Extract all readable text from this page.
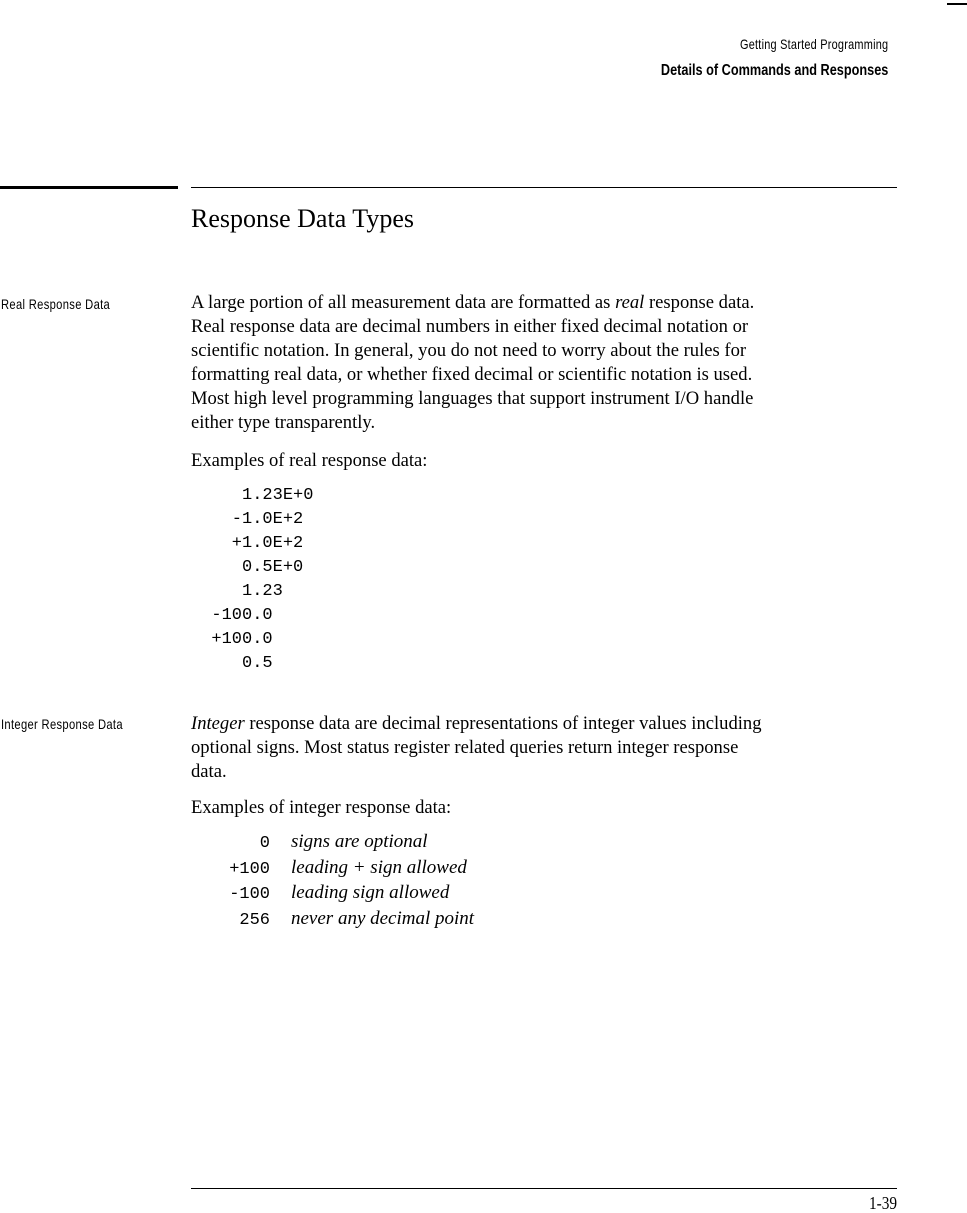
Getting Started Programming
Details of Commands and Responses
Response Data Types
Real Response Data	A large portion of all measurement data are formatted as real response data.
Real response data are decimal numbers in either fixed decimal notation or
scientific notation. In general, you do not need to worry about the rules for
formatting real data, or whether fixed decimal or scientific notation is used.
Most high level programming languages that support instrument I/O handle
either type transparently.

Examples of real response data:
1.23E+0
-1.0E+2
+1.0E+2
0.5E+0
1.23
-100.0
+100.0
0.5
Integer Response Data	Integer response data are decimal representations of integer values including
optional signs. Most status register related queries return integer response
data.

Examples of integer response data:
0 signs are optional
+100 leading + sign allowed
-100 leading sign allowed
256 never any decimal point
1-39
